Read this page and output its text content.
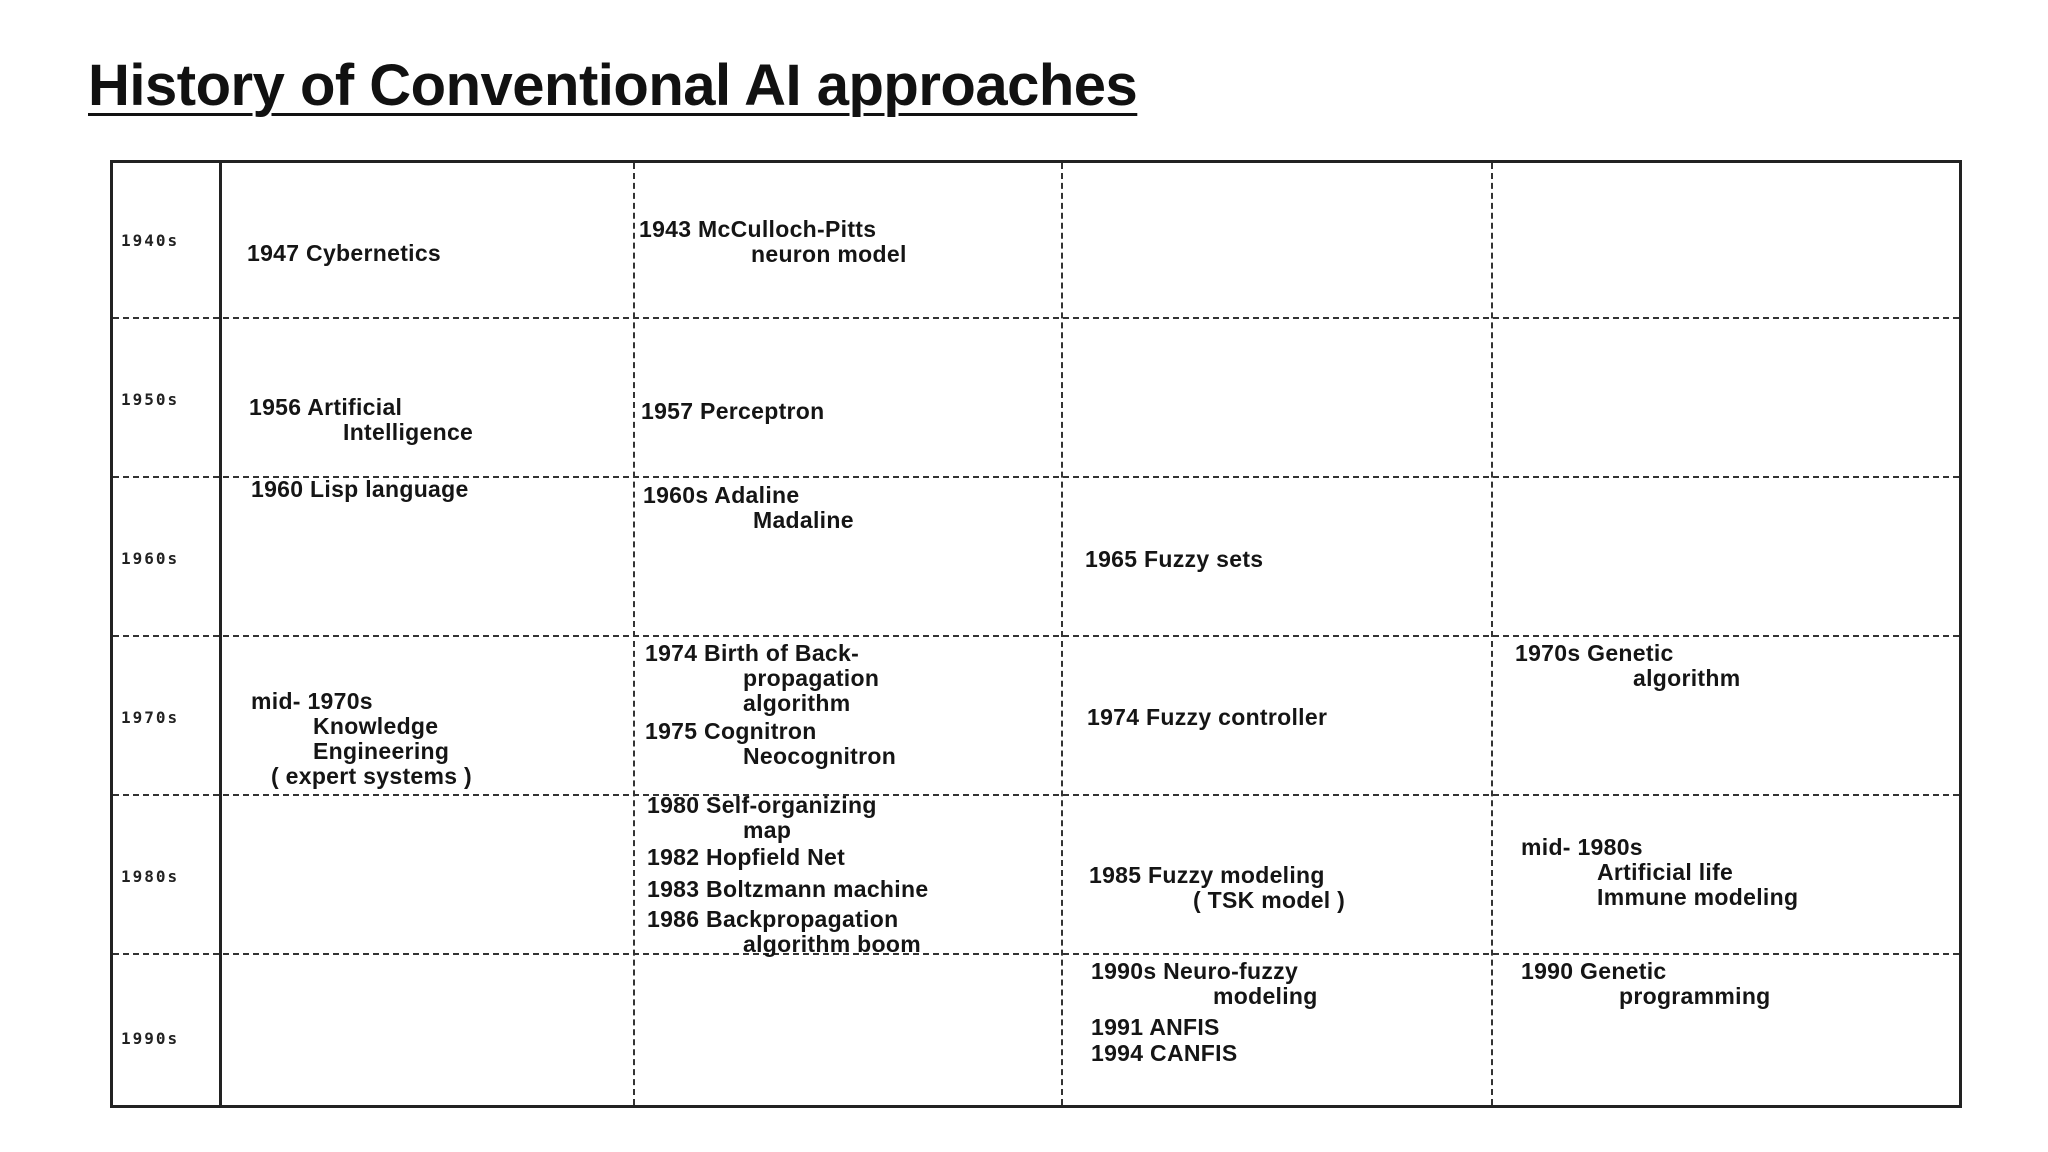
History of Conventional AI approaches
1940s
1950s
1960s
1970s
1980s
1990s
1947 Cybernetics
1943 McCulloch-Pitts
neuron model
1956 Artificial
Intelligence
1957 Perceptron
1960 Lisp language	1960s Adaline
Madaline
1965 Fuzzy sets
mid- 1970s
Knowledge
Engineering
( expert systems )
1974 Birth of Back-
propagation
algorithm
1975 Cognitron
Neocognitron
1974 Fuzzy controller
1970s Genetic
algorithm
1980 Self-organizing
map
1982 Hopfield Net
1983 Boltzmann machine
1986 Backpropagation
algorithm boom
1985 Fuzzy modeling
( TSK model )
mid- 1980s
Artificial life
Immune modeling
1990s Neuro-fuzzy
modeling
1991 ANFIS
1994 CANFIS
1990 Genetic
programming
